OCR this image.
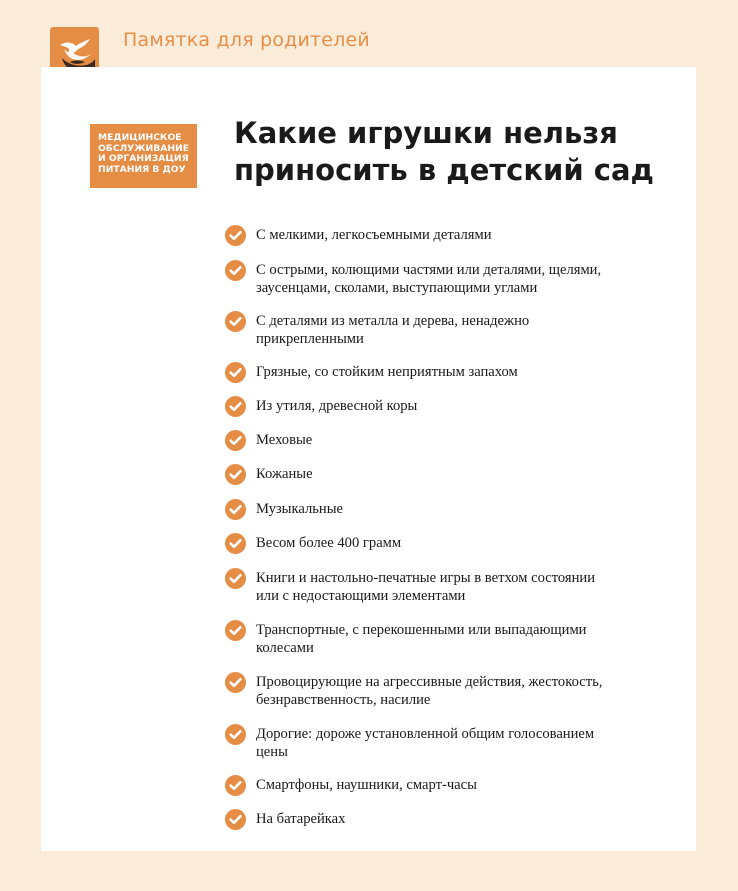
Памятка для родителей
МЕДИЦИНСКОЕ
ОБСЛУЖИВАНИЕ
И ОРГАНИЗАЦИЯ
ПИТАНИЯ В ДОУ
Какие игрушки нельзя
приносить в детский сад
С мелкими, легкосъемными деталями
С острыми, колющими частями или деталями, щелями,
заусенцами, сколами, выступающими углами
С деталями из металла и дерева, ненадежно
прикрепленными
Грязные, со стойким неприятным запахом
Из утиля, древесной коры
Меховые
Кожаные
Музыкальные
Весом более 400 грамм
Книги и настольно-печатные игры в ветхом состоянии
или с недостающими элементами
Транспортные, с перекошенными или выпадающими
колесами
Провоцирующие на агрессивные действия, жестокость,
безнравственность, насилие
Дорогие: дороже установленной общим голосованием
цены
Смартфоны, наушники, смарт-часы
На батарейках
